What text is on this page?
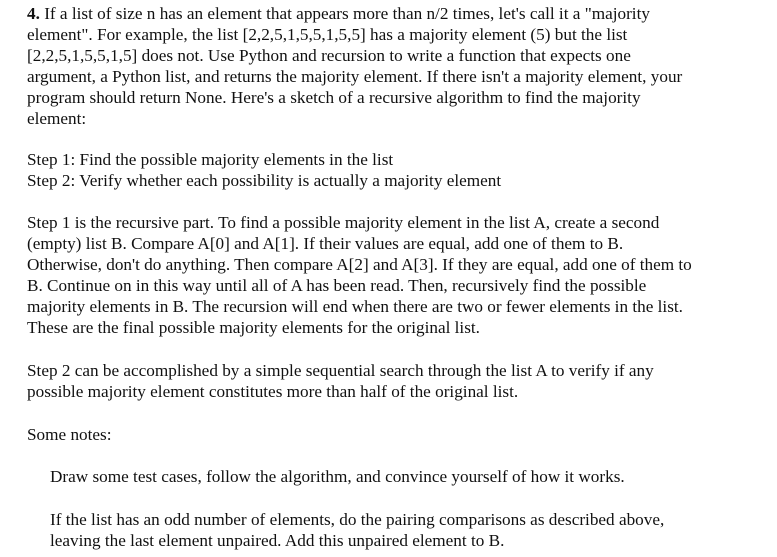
4. If a list of size n has an element that appears more than n/2 times, let's call it a "majority
element". For example, the list [2,2,5,1,5,5,1,5,5] has a majority element (5) but the list
[2,2,5,1,5,5,1,5] does not. Use Python and recursion to write a function that expects one
argument, a Python list, and returns the majority element. If there isn't a majority element, your
program should return None. Here's a sketch of a recursive algorithm to find the majority
element:
Step 1: Find the possible majority elements in the list
Step 2: Verify whether each possibility is actually a majority element
Step 1 is the recursive part. To find a possible majority element in the list A, create a second
(empty) list B. Compare A[0] and A[1]. If their values are equal, add one of them to B.
Otherwise, don't do anything. Then compare A[2] and A[3]. If they are equal, add one of them to
B. Continue on in this way until all of A has been read. Then, recursively find the possible
majority elements in B. The recursion will end when there are two or fewer elements in the list.
These are the final possible majority elements for the original list.
Step 2 can be accomplished by a simple sequential search through the list A to verify if any
possible majority element constitutes more than half of the original list.
Some notes:
Draw some test cases, follow the algorithm, and convince yourself of how it works.
If the list has an odd number of elements, do the pairing comparisons as described above,
leaving the last element unpaired. Add this unpaired element to B.
